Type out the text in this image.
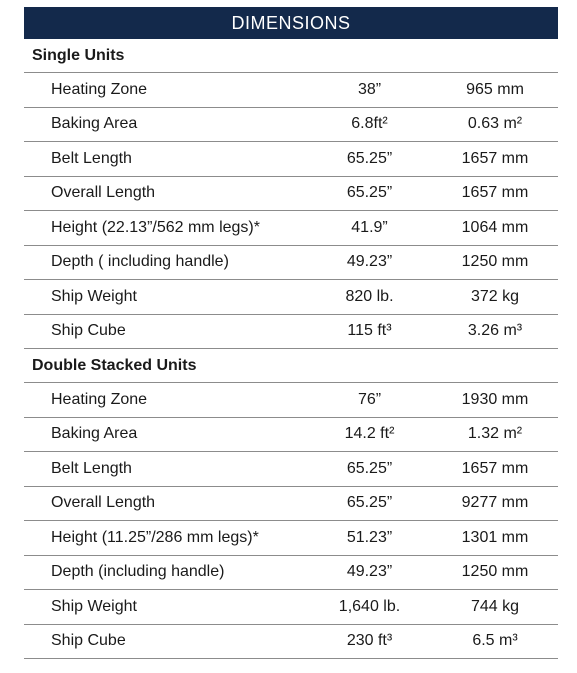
DIMENSIONS
Single Units
Heating Zone	38”	965 mm
Baking Area	6.8ft²	0.63 m²
Belt Length	65.25”	1657 mm
Overall Length	65.25”	1657 mm
Height (22.13”/562 mm legs)*	41.9”	1064 mm
Depth ( including handle)	49.23”	1250 mm
Ship Weight	820 lb.	372 kg
Ship Cube	115 ft³	3.26 m³
Double Stacked Units
Heating Zone	76”	1930 mm
Baking Area	14.2 ft²	1.32 m²
Belt Length	65.25”	1657 mm
Overall Length	65.25”	9277 mm
Height (11.25”/286 mm legs)*	51.23”	1301 mm
Depth (including handle)	49.23”	1250 mm
Ship Weight	1,640 lb.	744 kg
Ship Cube	230 ft³	6.5 m³
